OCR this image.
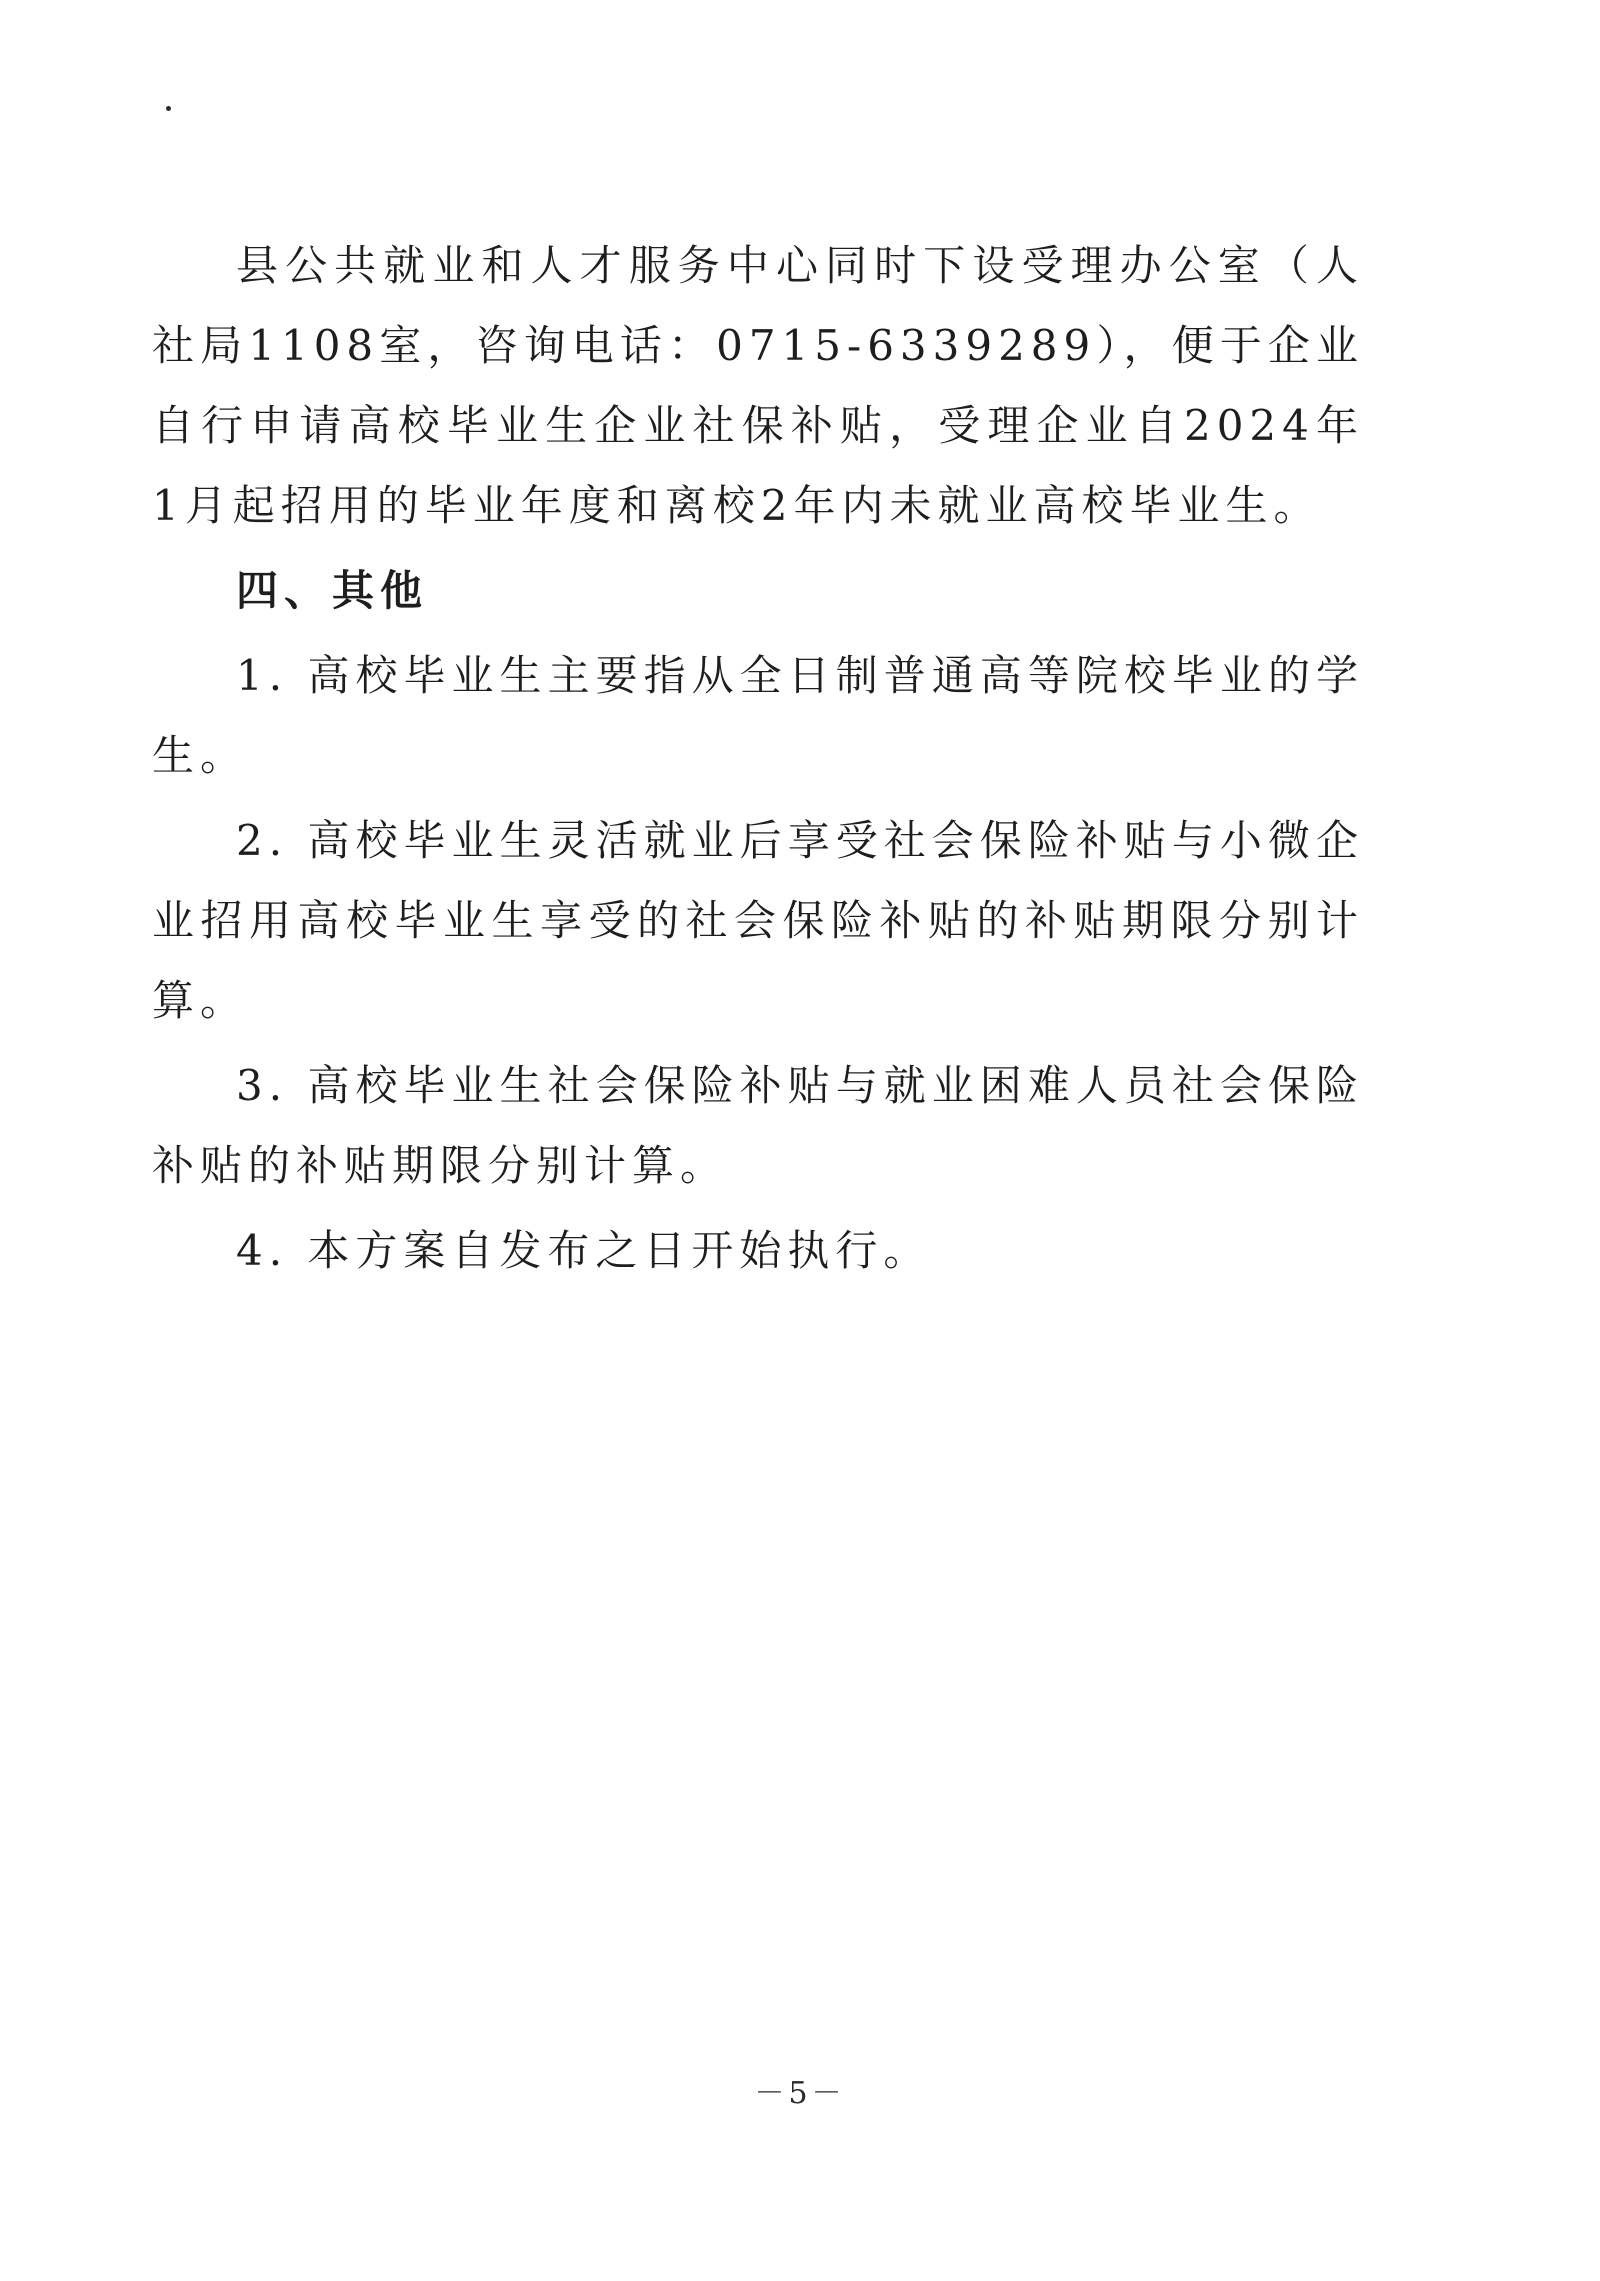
县公共就业和人才服务中心同时下设受理办公室（人社局1108室，咨询电话：0715-6339289），便于企业自行申请高校毕业生企业社保补贴，受理企业自2024年1月起招用的毕业年度和离校2年内未就业高校毕业生。

四、其他

1. 高校毕业生主要指从全日制普通高等院校毕业的学生。

2. 高校毕业生灵活就业后享受社会保险补贴与小微企业招用高校毕业生享受的社会保险补贴的补贴期限分别计算。

3. 高校毕业生社会保险补贴与就业困难人员社会保险补贴的补贴期限分别计算。

4. 本方案自发布之日开始执行。

－5－
